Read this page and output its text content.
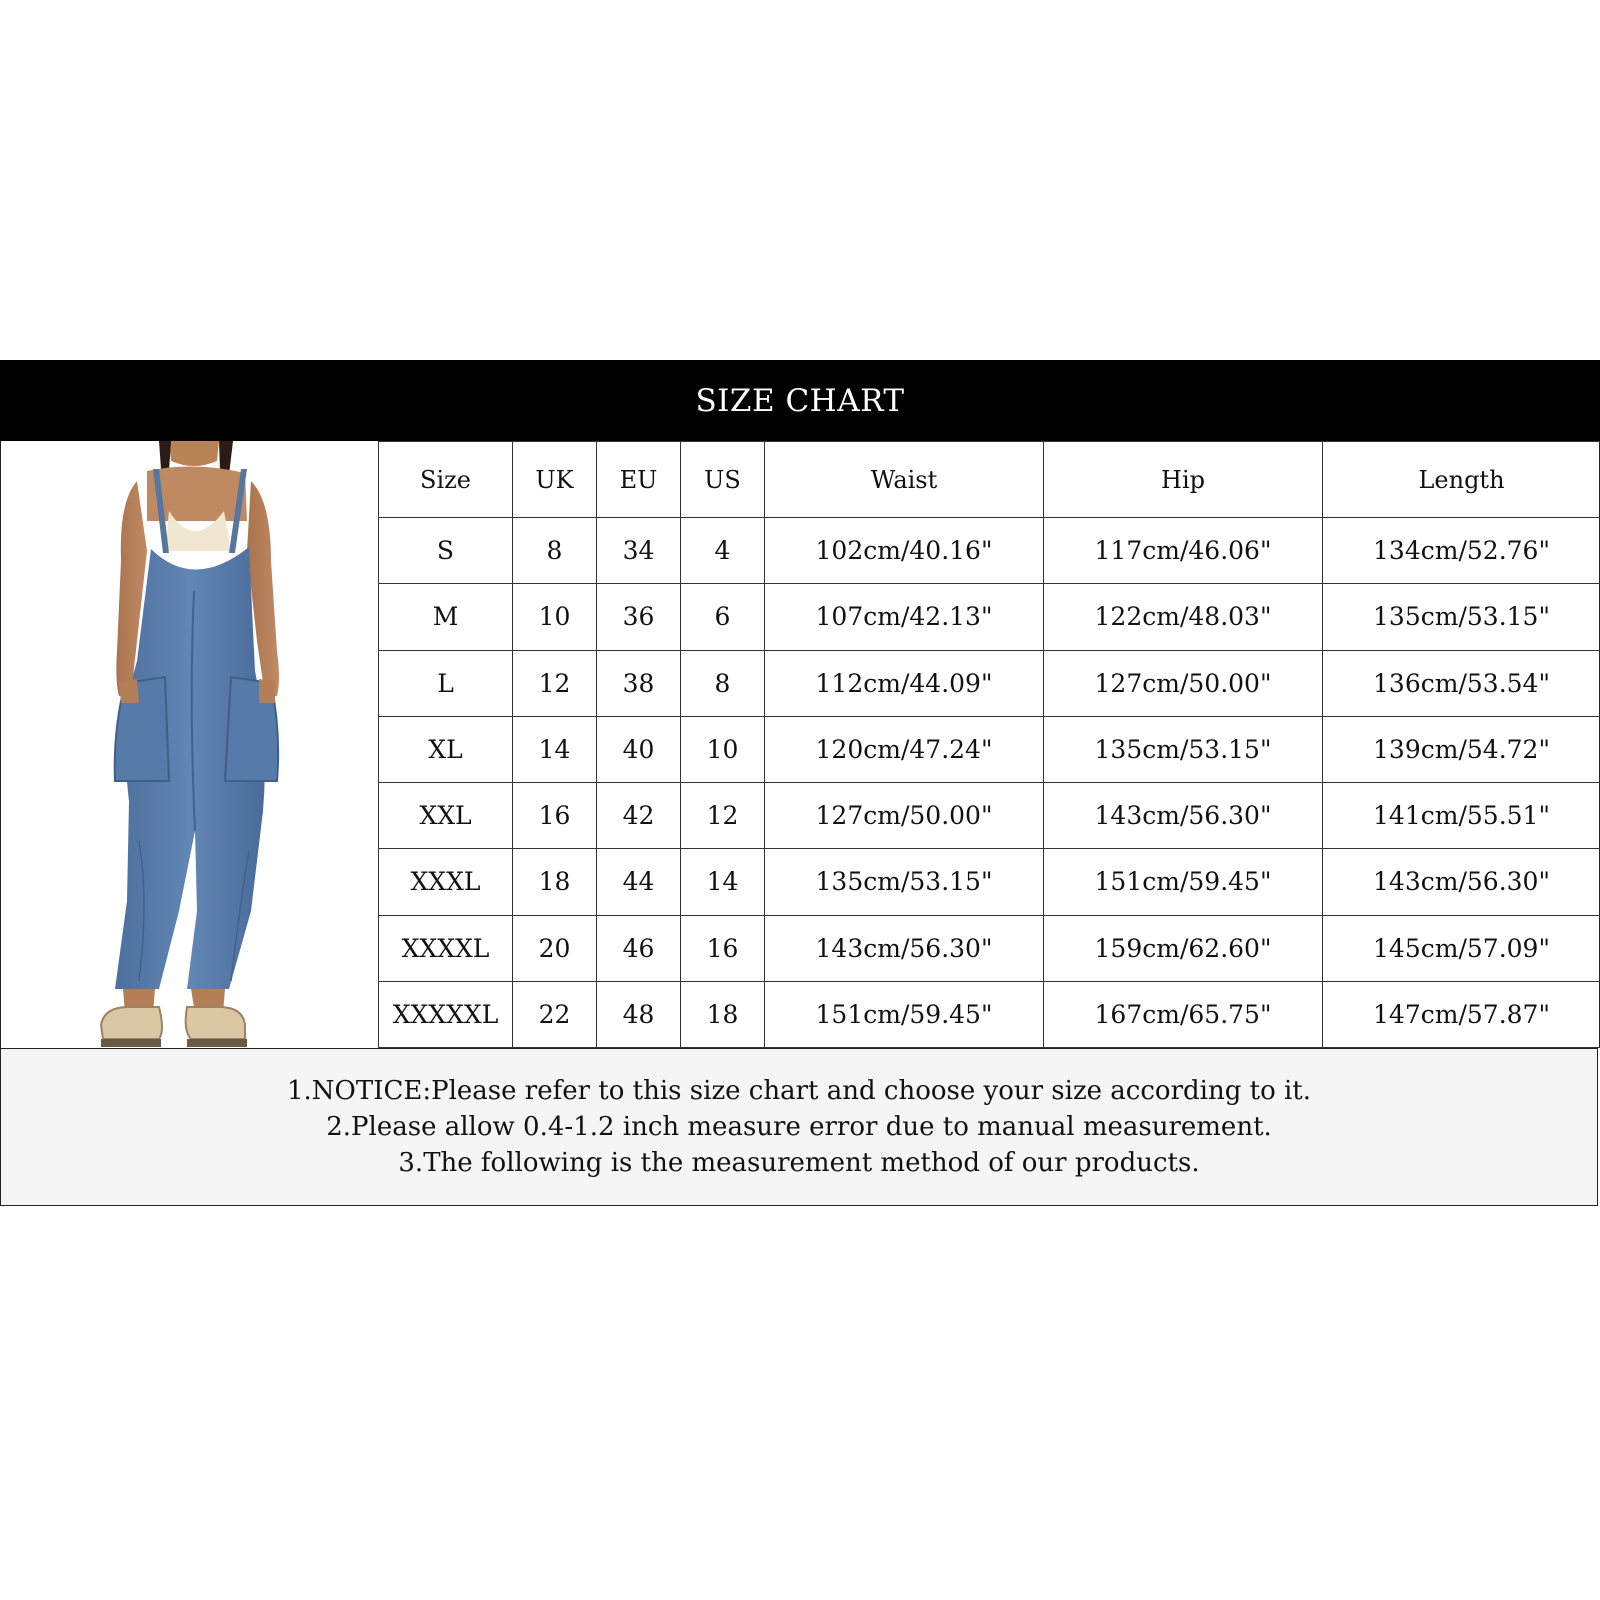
SIZE CHART
Size	UK	EU	US	Waist	Hip	Length
S	8	34	4	102cm/40.16"	117cm/46.06"	134cm/52.76"
M	10	36	6	107cm/42.13"	122cm/48.03"	135cm/53.15"
L	12	38	8	112cm/44.09"	127cm/50.00"	136cm/53.54"
XL	14	40	10	120cm/47.24"	135cm/53.15"	139cm/54.72"
XXL	16	42	12	127cm/50.00"	143cm/56.30"	141cm/55.51"
XXXL	18	44	14	135cm/53.15"	151cm/59.45"	143cm/56.30"
XXXXL	20	46	16	143cm/56.30"	159cm/62.60"	145cm/57.09"
XXXXXL	22	48	18	151cm/59.45"	167cm/65.75"	147cm/57.87"
1.NOTICE:Please refer to this size chart and choose your size according to it.
2.Please allow 0.4-1.2 inch measure error due to manual measurement.
3.The following is the measurement method of our products.
